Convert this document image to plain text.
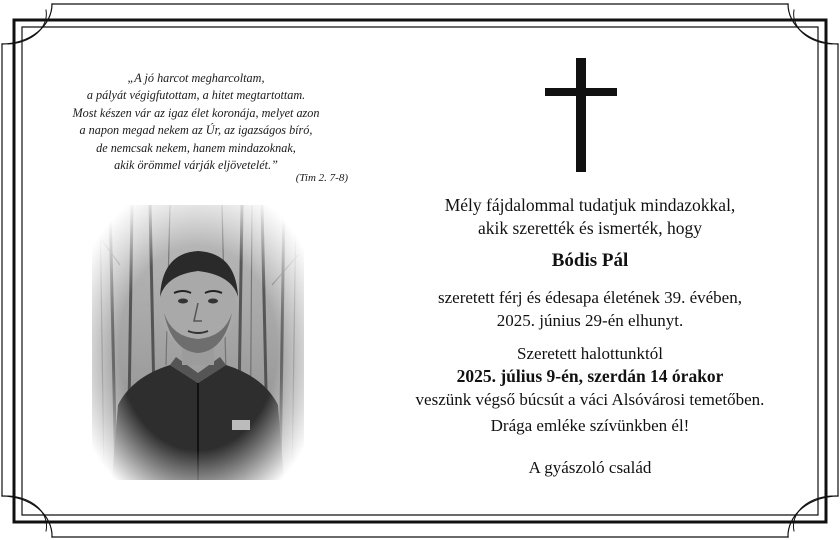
„A jó harcot megharcoltam,
a pályát végigfutottam, a hitet megtartottam.
Most készen vár az igaz élet koronája, melyet azon
a napon megad nekem az Úr, az igazságos bíró,
de nemcsak nekem, hanem mindazoknak,
akik örömmel várják eljövetelét.”
(Tim 2. 7-8)
Mély fájdalommal tudatjuk mindazokkal,
akik szerették és ismerték, hogy
Bódis Pál
szeretett férj és édesapa életének 39. évében,
2025. június 29-én elhunyt.
Szeretett halottunktól
2025. július 9-én, szerdán 14 órakor
veszünk végső búcsút a váci Alsóvárosi temetőben.
Drága emléke szívünkben él!
A gyászoló család
